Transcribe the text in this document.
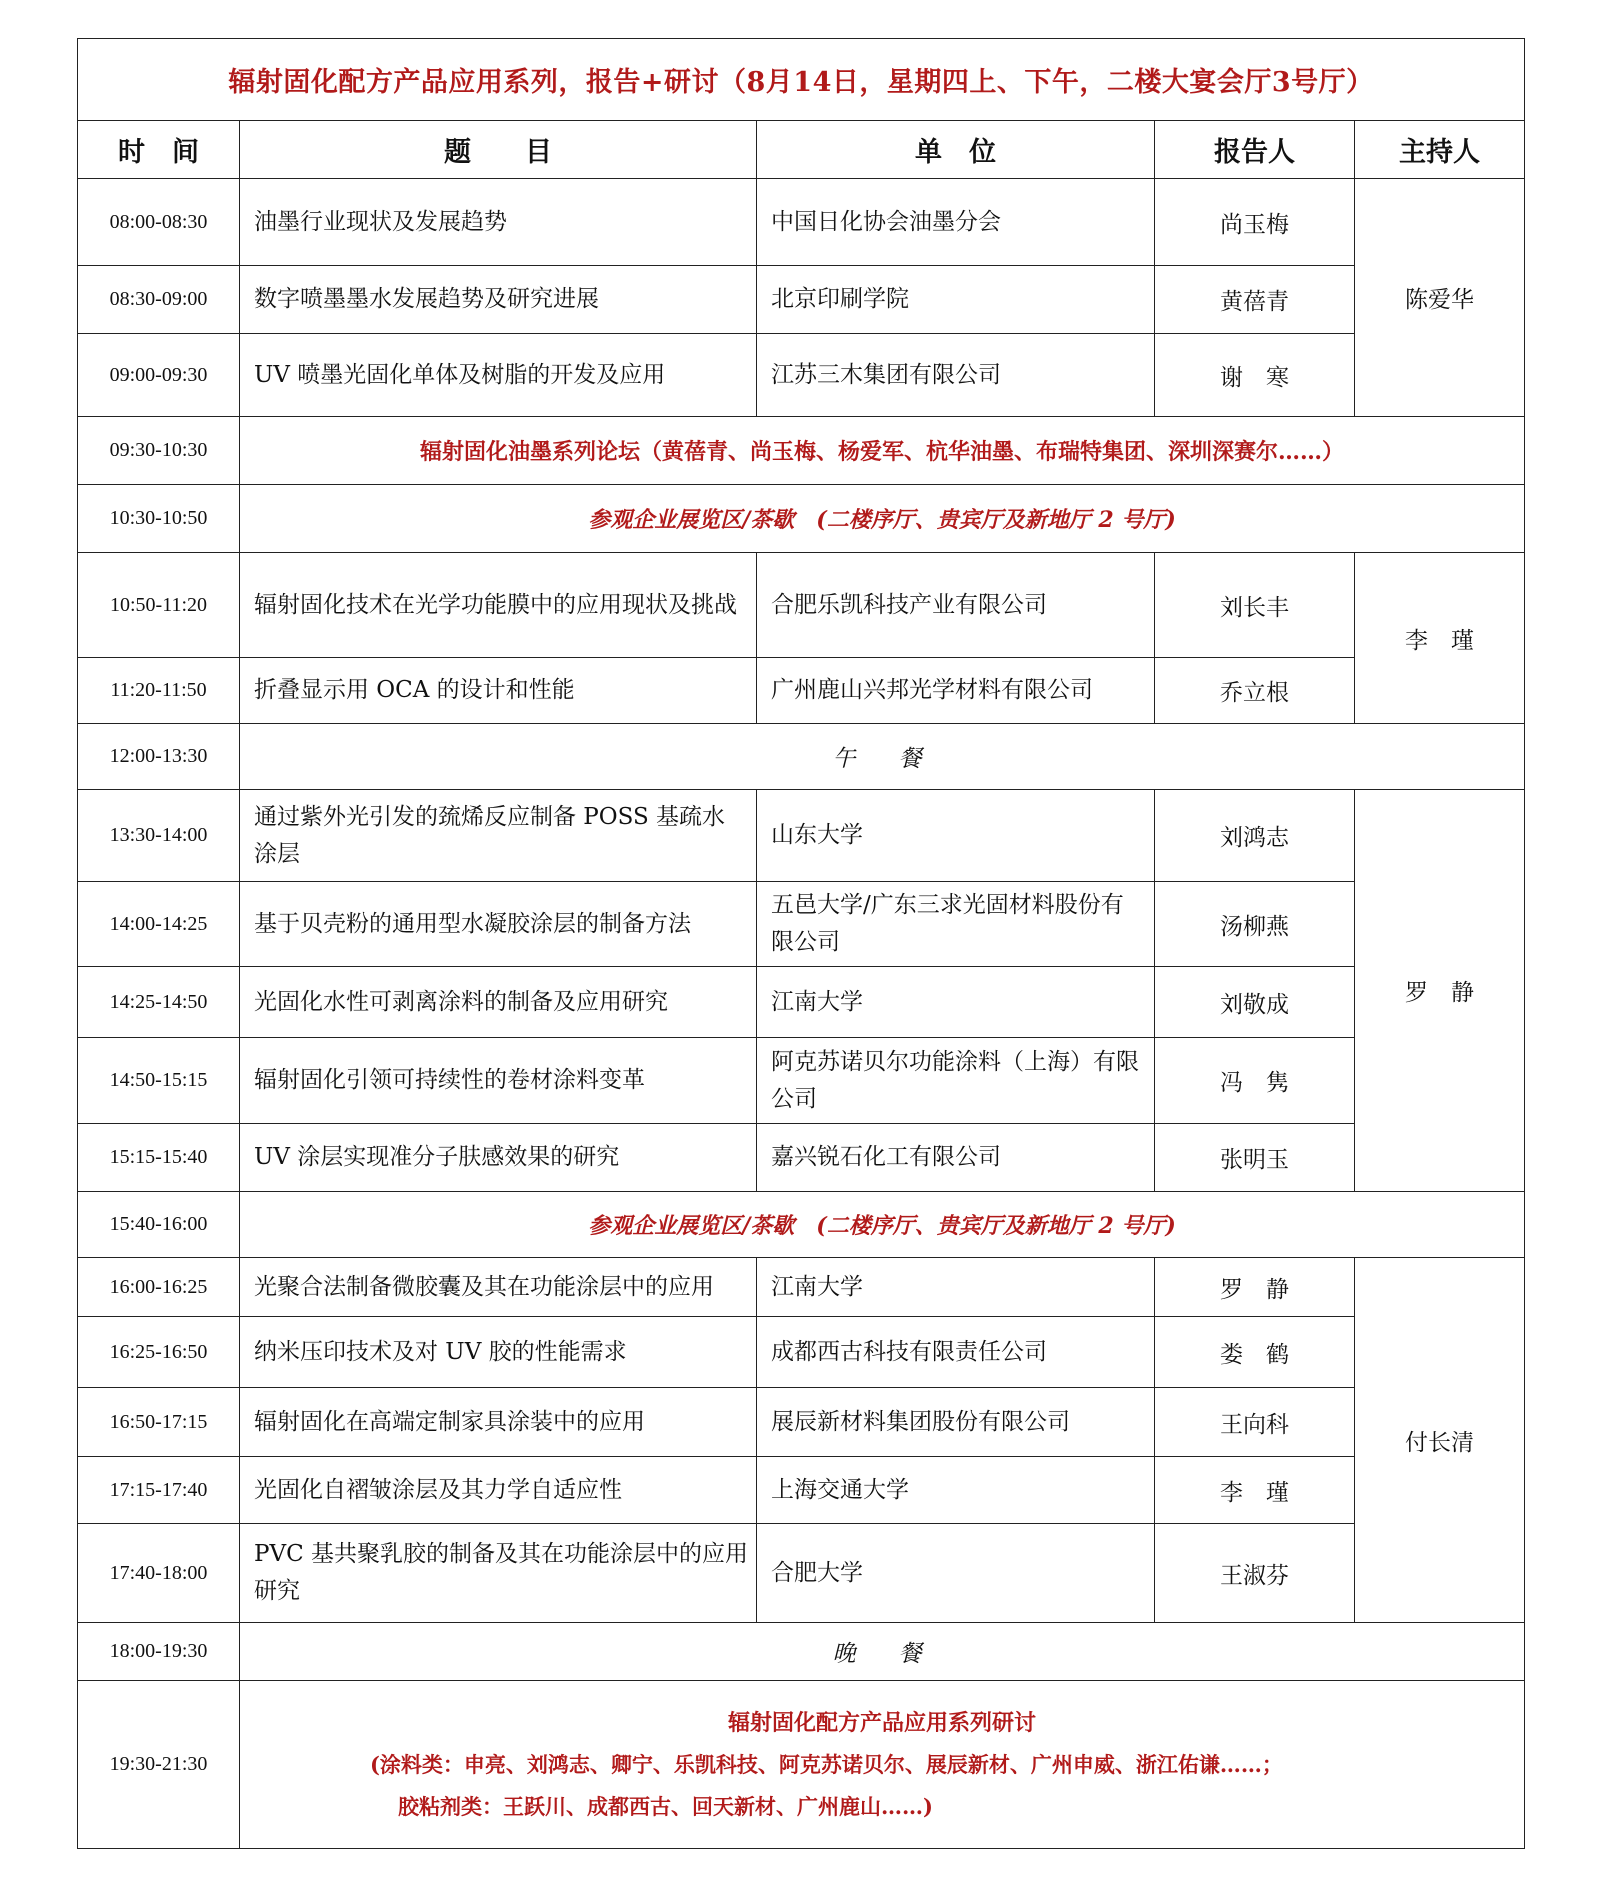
辐射固化配方产品应用系列，报告+研讨（8月14日，星期四上、下午，二楼大宴会厅3号厅）				
时　间	题　　目	单　位	报告人	主持人
08:00-08:30	油墨行业现状及发展趋势	中国日化协会油墨分会	尚玉梅	陈爱华
08:30-09:00	数字喷墨墨水发展趋势及研究进展	北京印刷学院	黄蓓青	
09:00-09:30	UV 喷墨光固化单体及树脂的开发及应用	江苏三木集团有限公司	谢　寒	
09:30-10:30	辐射固化油墨系列论坛（黄蓓青、尚玉梅、杨爱军、杭华油墨、布瑞特集团、深圳深赛尔……）			
10:30-10:50	参观企业展览区/茶歇　(二楼序厅、贵宾厅及新地厅 2 号厅)			
10:50-11:20	辐射固化技术在光学功能膜中的应用现状及挑战	合肥乐凯科技产业有限公司	刘长丰	李　瑾
11:20-11:50	折叠显示用 OCA 的设计和性能	广州鹿山兴邦光学材料有限公司	乔立根	
12:00-13:30	午　餐			
13:30-14:00	通过紫外光引发的巯烯反应制备 POSS 基疏水涂层	山东大学	刘鸿志	罗　静
14:00-14:25	基于贝壳粉的通用型水凝胶涂层的制备方法	五邑大学/广东三求光固材料股份有限公司	汤柳燕	
14:25-14:50	光固化水性可剥离涂料的制备及应用研究	江南大学	刘敬成	
14:50-15:15	辐射固化引领可持续性的卷材涂料变革	阿克苏诺贝尔功能涂料（上海）有限公司	冯　隽	
15:15-15:40	UV 涂层实现准分子肤感效果的研究	嘉兴锐石化工有限公司	张明玉	
15:40-16:00	参观企业展览区/茶歇　(二楼序厅、贵宾厅及新地厅 2 号厅)			
16:00-16:25	光聚合法制备微胶囊及其在功能涂层中的应用	江南大学	罗　静	付长清
16:25-16:50	纳米压印技术及对 UV 胶的性能需求	成都西古科技有限责任公司	娄　鹤	
16:50-17:15	辐射固化在高端定制家具涂装中的应用	展辰新材料集团股份有限公司	王向科	
17:15-17:40	光固化自褶皱涂层及其力学自适应性	上海交通大学	李　瑾	
17:40-18:00	PVC 基共聚乳胶的制备及其在功能涂层中的应用研究	合肥大学	王淑芬	
18:00-19:30	晚　餐			
19:30-21:30	辐射固化配方产品应用系列研讨
(涂料类：申亮、刘鸿志、卿宁、乐凯科技、阿克苏诺贝尔、展辰新材、广州申威、浙江佑谦……；
胶粘剂类：王跃川、成都西古、回天新材、广州鹿山……)			
